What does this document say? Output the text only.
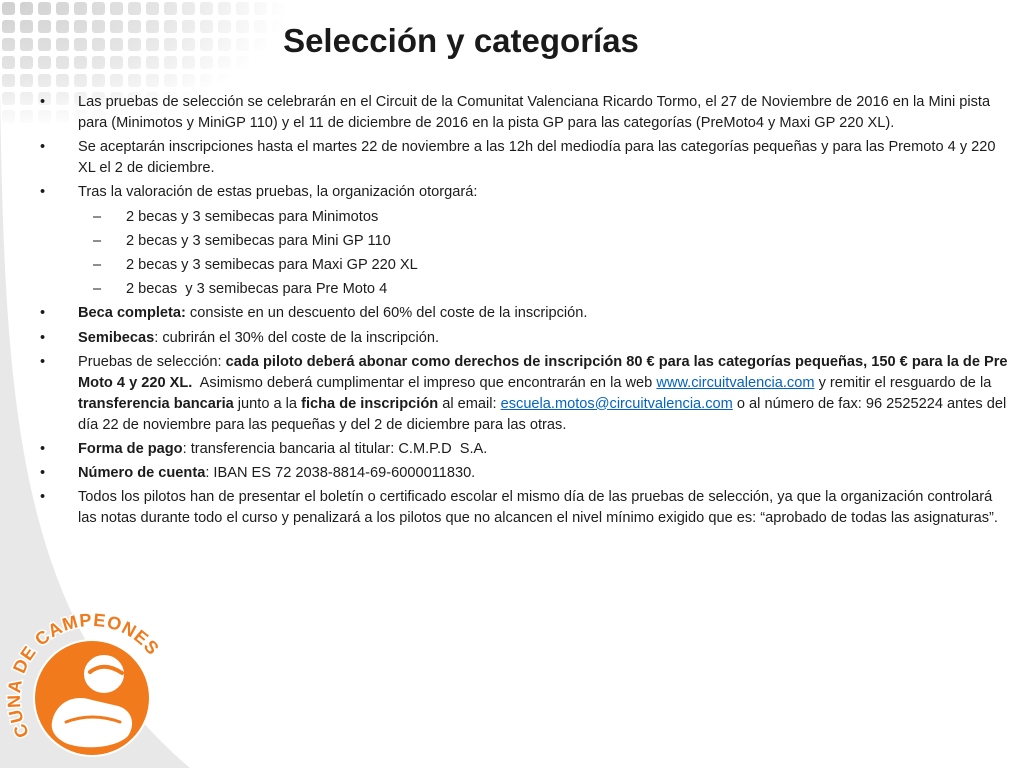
CUNA DE CAMPEONES
Selección y categorías
• Las pruebas de selección se celebrarán en el Circuit de la Comunitat Valenciana Ricardo Tormo, el 27 de Noviembre de 2016 en la Mini pista para (Minimotos y MiniGP 110) y el 11 de diciembre de 2016 en la pista GP para las categorías (PreMoto4 y Maxi GP 220 XL).
• Se aceptarán inscripciones hasta el martes 22 de noviembre a las 12h del mediodía para las categorías pequeñas y para las Premoto 4 y 220 XL el 2 de diciembre.
• Tras la valoración de estas pruebas, la organización otorgará:
– 2 becas y 3 semibecas para Minimotos
– 2 becas y 3 semibecas para Mini GP 110
– 2 becas y 3 semibecas para Maxi GP 220 XL
– 2 becas  y 3 semibecas para Pre Moto 4
• Beca completa: consiste en un descuento del 60% del coste de la inscripción.
• Semibecas: cubrirán el 30% del coste de la inscripción.
• Pruebas de selección: cada piloto deberá abonar como derechos de inscripción 80 € para las categorías pequeñas, 150 € para la de Pre Moto 4 y 220 XL.  Asimismo deberá cumplimentar el impreso que encontrarán en la web www.circuitvalencia.com y remitir el resguardo de la transferencia bancaria junto a la ficha de inscripción al email: escuela.motos@circuitvalencia.com o al número de fax: 96 2525224 antes del día 22 de noviembre para las pequeñas y del 2 de diciembre para las otras.
• Forma de pago: transferencia bancaria al titular: C.M.P.D  S.A.
• Número de cuenta: IBAN ES 72 2038-8814-69-6000011830.
• Todos los pilotos han de presentar el boletín o certificado escolar el mismo día de las pruebas de selección, ya que la organización controlará las notas durante todo el curso y penalizará a los pilotos que no alcancen el nivel mínimo exigido que es: “aprobado de todas las asignaturas”.
